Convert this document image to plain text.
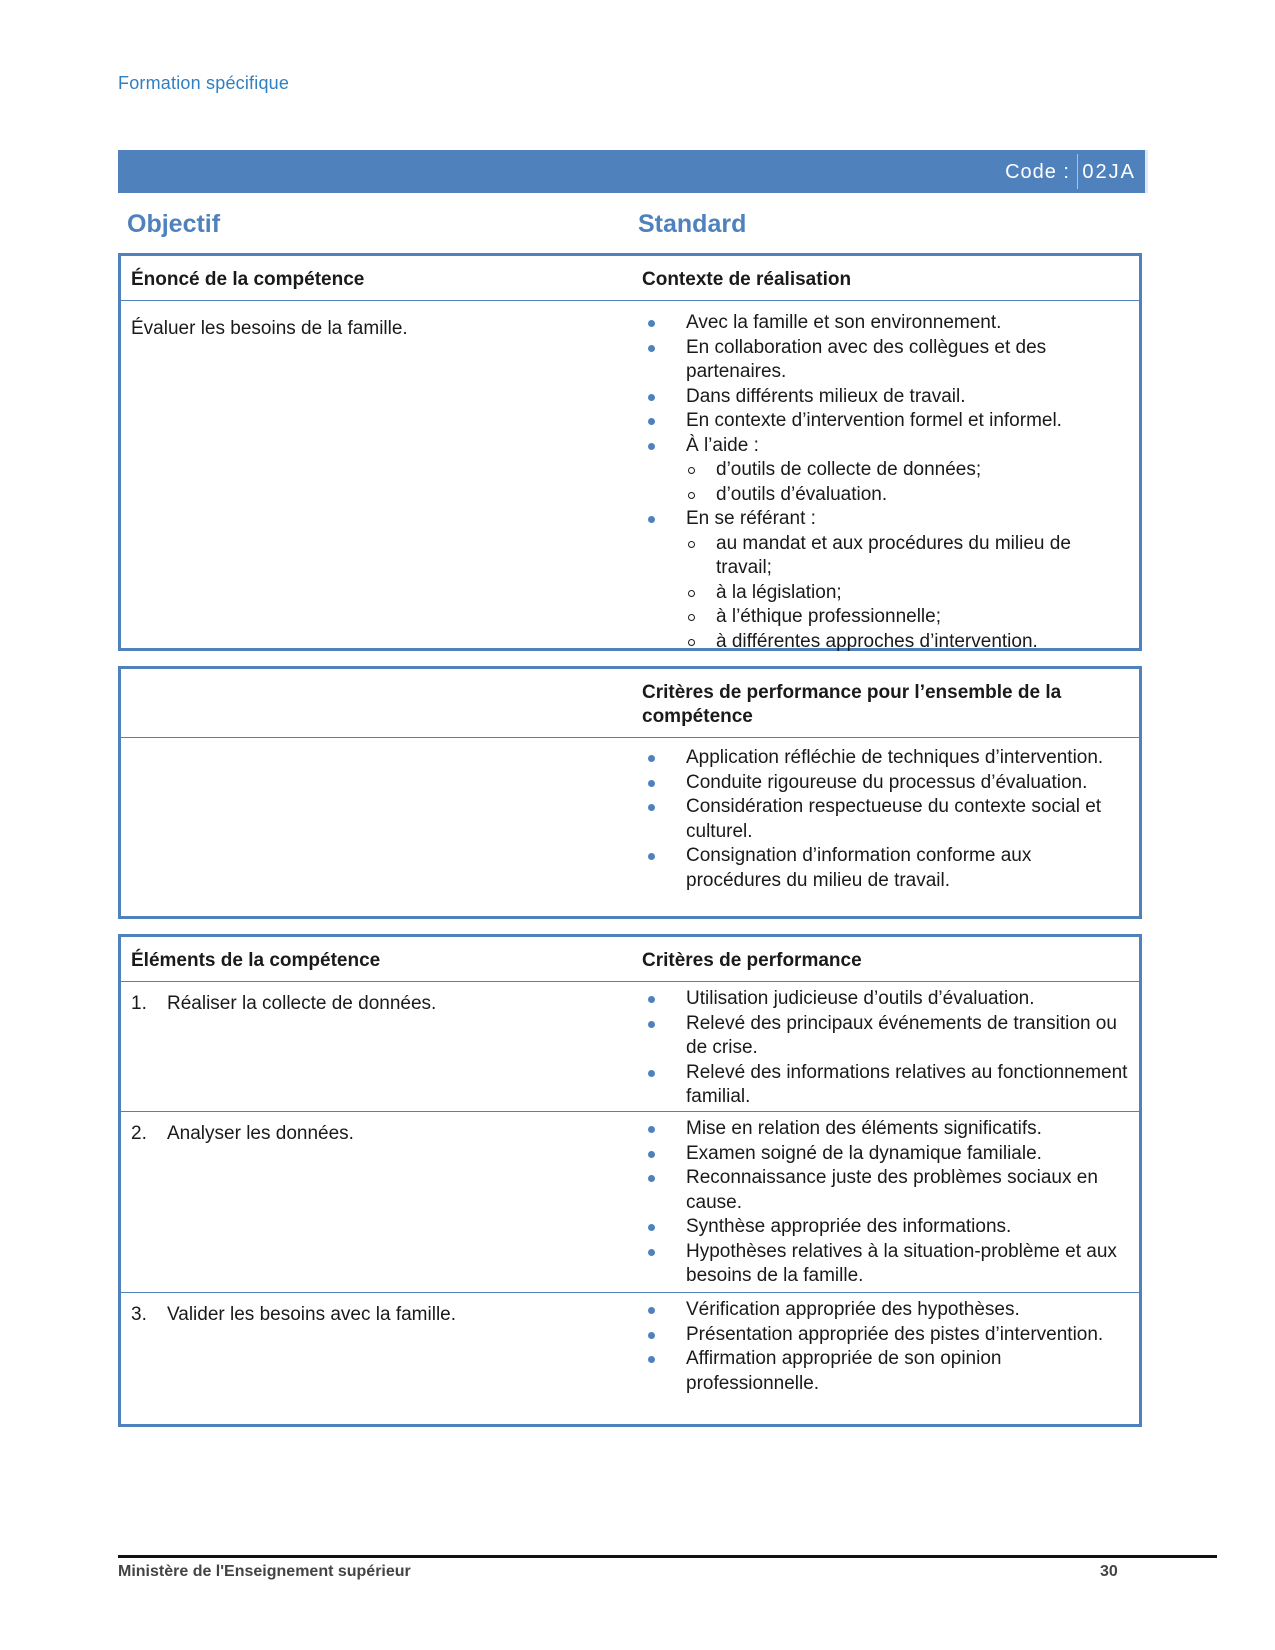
Formation spécifique
Code : 02JA
Objectif	Standard
Énoncé de la compétence	Contexte de réalisation
Évaluer les besoins de la famille.	Avec la famille et son environnement.
En collaboration avec des collègues et des partenaires.
Dans différents milieux de travail.
En contexte d’intervention formel et informel.
À l’aide :
d’outils de collecte de données;
d’outils d’évaluation.
En se référant :
au mandat et aux procédures du milieu de travail;
à la législation;
à l’éthique professionnelle;
à différentes approches d’intervention.
Critères de performance pour l’ensemble de la compétence
Application réfléchie de techniques d’intervention.
Conduite rigoureuse du processus d’évaluation.
Considération respectueuse du contexte social et culturel.
Consignation d’information conforme aux procédures du milieu de travail.
Éléments de la compétence	Critères de performance
1. Réaliser la collecte de données.	Utilisation judicieuse d’outils d’évaluation.
Relevé des principaux événements de transition ou de crise.
Relevé des informations relatives au fonctionnement familial.
2. Analyser les données.	Mise en relation des éléments significatifs.
Examen soigné de la dynamique familiale.
Reconnaissance juste des problèmes sociaux en cause.
Synthèse appropriée des informations.
Hypothèses relatives à la situation-problème et aux besoins de la famille.
3. Valider les besoins avec la famille.	Vérification appropriée des hypothèses.
Présentation appropriée des pistes d’intervention.
Affirmation appropriée de son opinion professionnelle.
Ministère de l'Enseignement supérieur	30
